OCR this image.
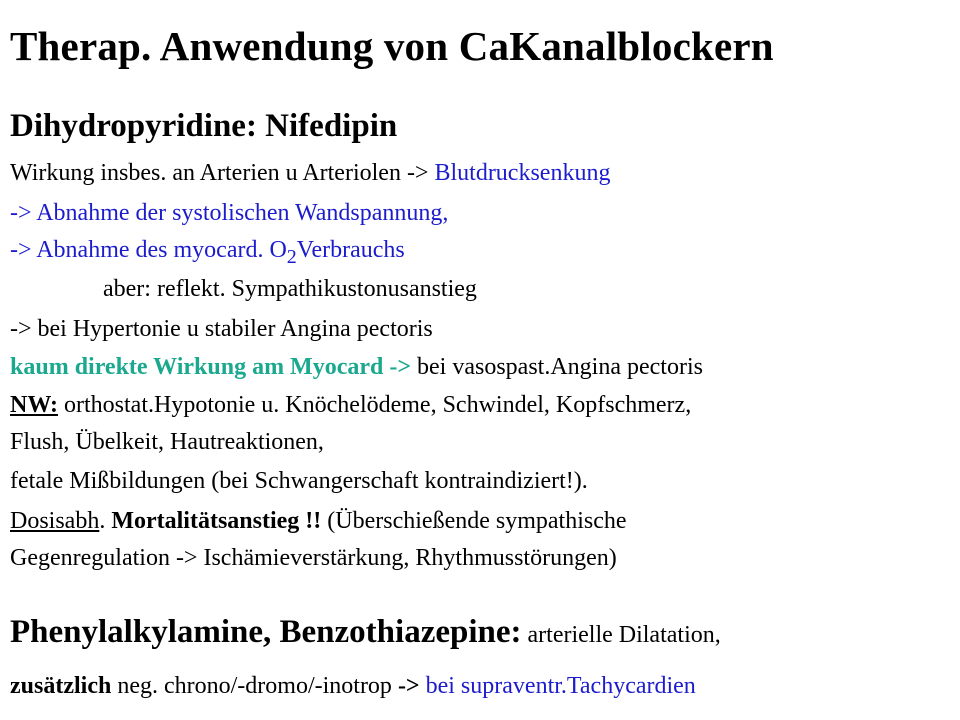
Therap. Anwendung von CaKanalblockern
Dihydropyridine: Nifedipin
Wirkung insbes. an Arterien u Arteriolen -> Blutdrucksenkung
-> Abnahme der systolischen Wandspannung,
-> Abnahme des myocard. $O_2Verbrauchs$
aber: reflekt. Sympathikustonusanstieg
-> bei Hypertonie u stabiler Angina pectoris
kaum direkte Wirkung am Myocard -> bei vasospast.Angina pectoris
NW: orthostat.Hypotonie u. Knöchelödeme, Schwindel, Kopfschmerz,
Flush, Übelkeit, Hautreaktionen,
fetale Mißbildungen (bei Schwangerschaft kontraindiziert!).
Dosisabh. Mortalitätsanstieg !! (Überschießende sympathische
Gegenregulation -> Ischämieverstärkung, Rhythmusstörungen)
Phenylalkylamine, Benzothiazepine: arterielle Dilatation,
zusätzlich neg. chrono/-dromo/-inotrop -> bei supraventr.Tachycardien
